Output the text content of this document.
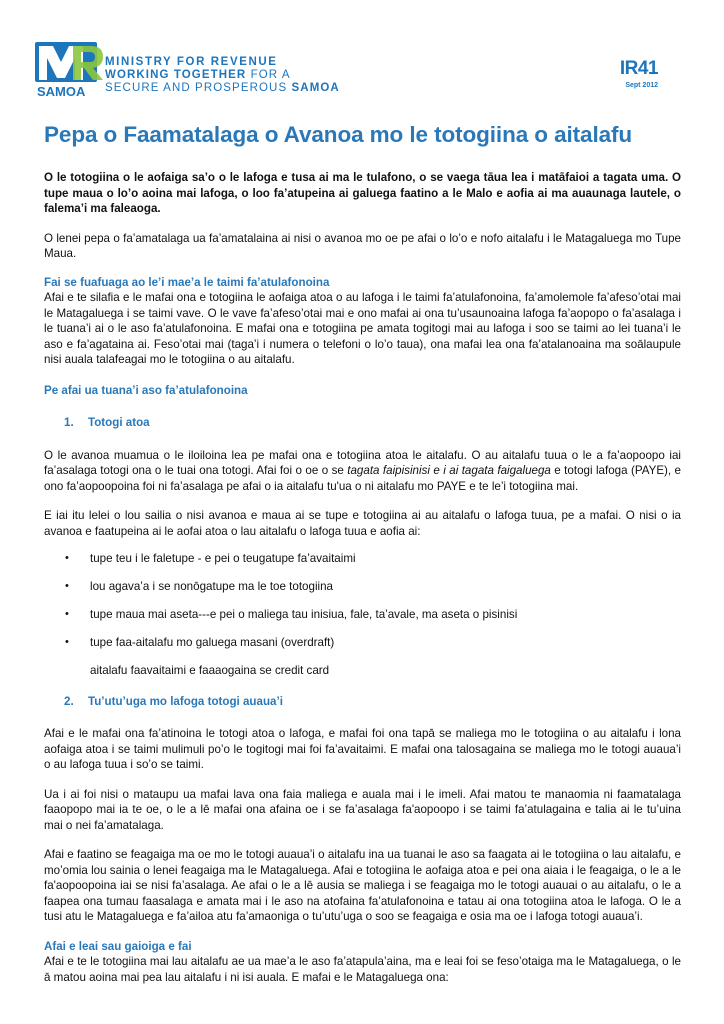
SAMOA
MINISTRY FOR REVENUE
WORKING TOGETHER FOR A
SECURE AND PROSPEROUS SAMOA
IR41
Sept 2012
Pepa o Faamatalaga o Avanoa mo le totogiina o aitalafu

O le totogiina o le aofaiga sa’o o le lafoga e tusa ai ma le tulafono, o se vaega tāua lea i matāfaioi a tagata uma. O tupe maua o lo’o aoina mai lafoga, o loo fa’atupeina ai galuega faatino a le Malo e aofia ai ma auaunaga lautele, o falema’i ma faleaoga.

O lenei pepa o fa’amatalaga ua fa’amatalaina ai nisi o avanoa mo oe pe afai o lo’o e nofo aitalafu i le Matagaluega mo Tupe Maua.

Fai se fuafuaga ao le’i mae’a le taimi fa’atulafonoina

Afai e te silafia e le mafai ona e totogiina le aofaiga atoa o au lafoga i le taimi fa’atulafonoina, fa’amolemole fa’afeso’otai mai le Matagaluega i se taimi vave. O le vave fa’afeso’otai mai e ono mafai ai ona tu’usaunoaina lafoga fa’aopopo o fa’asalaga i le tuana’i ai o le aso fa’atulafonoina. E mafai ona e totogiina pe amata togitogi mai au lafoga i soo se taimi ao lei tuana’i le aso e fa’agataina ai. Feso’otai mai (taga’i i numera o telefoni o lo’o taua), ona mafai lea ona fa’atalanoaina ma soālaupule nisi auala talafeagai mo le totogiina o au aitalafu.

Pe afai ua tuana’i aso fa’atulafonoina
1. Totogi atoa

O le avanoa muamua o le iloiloina lea pe mafai ona e totogiina atoa le aitalafu. O au aitalafu tuua o le a fa’aopoopo iai fa’asalaga totogi ona o le tuai ona totogi. Afai foi o oe o se tagata faipisinisi e i ai tagata faigaluega e totogi lafoga (PAYE), e ono fa’aopoopoina foi ni fa’asalaga pe afai o ia aitalafu tu'ua o ni aitalafu mo PAYE e te le’i totogiina mai.

E iai itu lelei o lou sailia o nisi avanoa e maua ai se tupe e totogiina ai au aitalafu o lafoga tuua, pe a mafai. O nisi o ia avanoa e faatupeina ai le aofai atoa o lau aitalafu o lafoga tuua e aofia ai:

• tupe teu i le faletupe - e pei o teugatupe fa’avaitaimi
• lou agava’a i se nonōgatupe ma le toe totogiina
• tupe maua mai aseta---e pei o maliega tau inisiua, fale, ta’avale, ma aseta o pisinisi
• tupe faa-aitalafu mo galuega masani (overdraft)
aitalafu faavaitaimi e faaaogaina se credit card
2. Tu’utu’uga mo lafoga totogi auaua’i

Afai e le mafai ona fa’atinoina le totogi atoa o lafoga, e mafai foi ona tapā se maliega mo le totogiina o au aitalafu i lona aofaiga atoa i se taimi mulimuli po’o le togitogi mai foi fa’avaitaimi. E mafai ona talosagaina se maliega mo le totogi auaua’i o au lafoga tuua i so’o se taimi.

Ua i ai foi nisi o mataupu ua mafai lava ona faia maliega e auala mai i le imeli. Afai matou te manaomia ni faamatalaga faaopopo mai ia te oe, o le a lē mafai ona afaina oe i se fa’asalaga fa'aopoopo i se taimi fa’atulagaina e talia ai le tu’uina mai o nei fa’amatalaga.

Afai e faatino se feagaiga ma oe mo le totogi auaua’i o aitalafu ina ua tuanai le aso sa faagata ai le totogiina o lau aitalafu, e mo’omia lou sainia o lenei feagaiga ma le Matagaluega. Afai e totogiina le aofaiga atoa e pei ona aiaia i le feagaiga, o le a le fa'aopoopoina iai se nisi fa’asalaga. Ae afai o le a lē ausia se maliega i se feagaiga mo le totogi auauai o au aitalafu, o le a faapea ona tumau faasalaga e amata mai i le aso na atofaina fa’atulafonoina e tatau ai ona totogiina atoa le lafoga. O le a tusi atu le Matagaluega e fa’ailoa atu fa’amaoniga o tu’utu’uga o soo se feagaiga e osia ma oe i lafoga totogi auaua’i.

Afai e leai sau gaioiga e fai

Afai e te le totogiina mai lau aitalafu ae ua mae’a le aso fa’atapula’aina, ma e leai foi se feso’otaiga ma le Matagaluega, o le ā matou aoina mai pea lau aitalafu i ni isi auala. E mafai e le Matagaluega ona:
